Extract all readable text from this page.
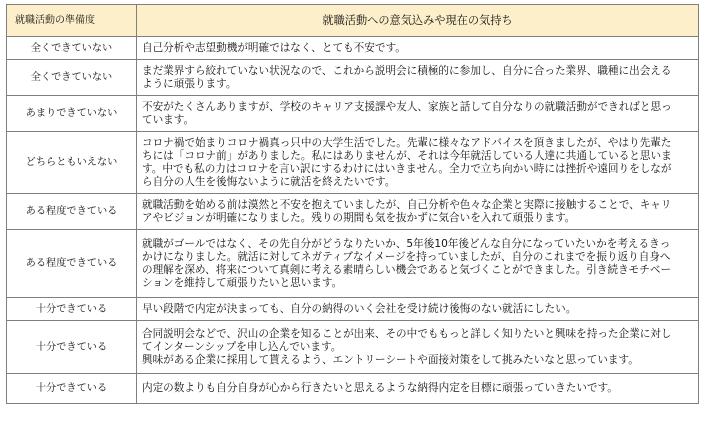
就職活動の準備度	就職活動への意気込みや現在の気持ち
全くできていない	自己分析や志望動機が明確ではなく、とても不安です。
全くできていない	まだ業界すら絞れていない状況なので、これから説明会に積極的に参加し、自分に合った業界、職種に出会える
ように頑張ります。
あまりできていない	不安がたくさんありますが、学校のキャリア支援課や友人、家族と話して自分なりの就職活動ができればと思っ
ています。
どちらともいえない	コロナ禍で始まりコロナ禍真っ只中の大学生活でした。先輩に様々なアドバイスを頂きましたが、やはり先輩た
ちには「コロナ前」がありました。私にはありませんが、それは今年就活している人達に共通していると思いま
す。中でも私の力はコロナを言い訳にするわけにはいきません。全力で立ち向かい時には挫折や遠回りをしなが
ら自分の人生を後悔ないように就活を終えたいです。
ある程度できている	就職活動を始める前は漠然と不安を抱えていましたが、自己分析や色々な企業と実際に接触することで、キャリ
アやビジョンが明確になりました。残りの期間も気を抜かずに気合いを入れて頑張ります。
ある程度できている	就職がゴールではなく、その先自分がどうなりたいか、5年後10年後どんな自分になっていたいかを考えるきっ
かけになりました。就活に対してネガティブなイメージを持っていましたが、自分のこれまでを振り返り自身へ
の理解を深め、将来について真剣に考える素晴らしい機会であると気づくことができました。引き続きモチベー
ションを維持して頑張りたいと思います。
十分できている	早い段階で内定が決まっても、自分の納得のいく会社を受け続け後悔のない就活にしたい。
十分できている	合同説明会などで、沢山の企業を知ることが出来、その中でももっと詳しく知りたいと興味を持った企業に対し
てインターンシップを申し込んでいます。
興味がある企業に採用して貰えるよう、エントリーシートや面接対策をして挑みたいなと思っています。
十分できている	内定の数よりも自分自身が心から行きたいと思えるような納得内定を目標に頑張っていきたいです。
